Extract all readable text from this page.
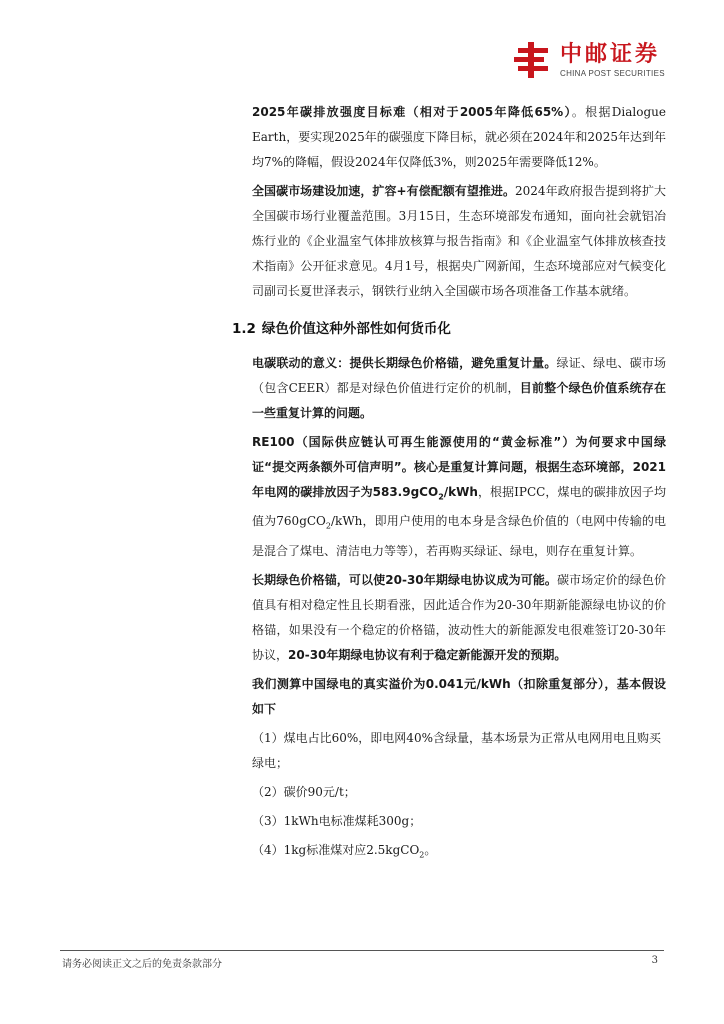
中邮证券
CHINA POST SECURITIES

2025年碳排放强度目标难（相对于2005年降低65%）。根据Dialogue Earth，要实现2025年的碳强度下降目标，就必须在2024年和2025年达到年均7%的降幅，假设2024年仅降低3%，则2025年需要降低12%。

全国碳市场建设加速，扩容+有偿配额有望推进。2024年政府报告提到将扩大全国碳市场行业覆盖范围。3月15日，生态环境部发布通知，面向社会就铝冶炼行业的《企业温室气体排放核算与报告指南》和《企业温室气体排放核查技术指南》公开征求意见。4月1号，根据央广网新闻，生态环境部应对气候变化司副司长夏世泽表示，钢铁行业纳入全国碳市场各项准备工作基本就绪。

1.2 绿色价值这种外部性如何货币化

电碳联动的意义：提供长期绿色价格锚，避免重复计量。绿证、绿电、碳市场（包含CEER）都是对绿色价值进行定价的机制，目前整个绿色价值系统存在一些重复计算的问题。

RE100（国际供应链认可再生能源使用的“黄金标准”）为何要求中国绿证“提交两条额外可信声明”。核心是重复计算问题，根据生态环境部，2021年电网的碳排放因子为583.9gCO$_2$/kWh，根据IPCC，煤电的碳排放因子均值为760gCO$_2$/kWh，即用户使用的电本身是含绿色价值的（电网中传输的电是混合了煤电、清洁电力等等），若再购买绿证、绿电，则存在重复计算。

长期绿色价格锚，可以使20-30年期绿电协议成为可能。碳市场定价的绿色价值具有相对稳定性且长期看涨，因此适合作为20-30年期新能源绿电协议的价格锚，如果没有一个稳定的价格锚，波动性大的新能源发电很难签订20-30年协议，20-30年期绿电协议有利于稳定新能源开发的预期。

我们测算中国绿电的真实溢价为0.041元/kWh（扣除重复部分），基本假设如下

（1）煤电占比60%，即电网40%含绿量，基本场景为正常从电网用电且购买绿电；
（2）碳价90元/t；
（3）1kWh电标准煤耗300g；
（4）1kg标准煤对应2.5kgCO$_2$。
请务必阅读正文之后的免责条款部分	3
